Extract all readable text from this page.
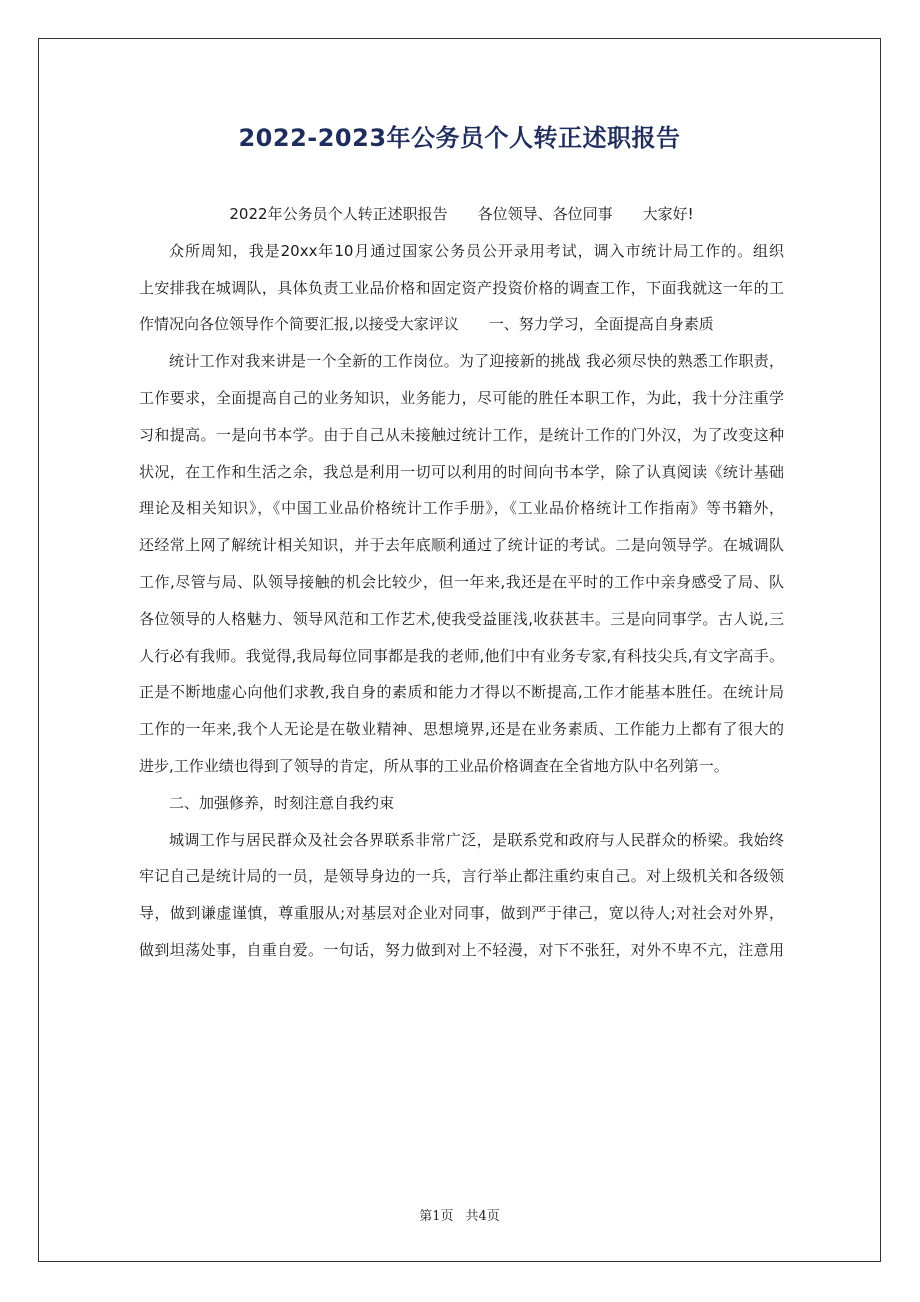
2022-2023年公务员个人转正述职报告
2022年公务员个人转正述职报告 各位领导、各位同事 大家好!
众所周知，我是20xx年10月通过国家公务员公开录用考试，调入市统计局工作的。组织
上安排我在城调队，具体负责工业品价格和固定资产投资价格的调查工作，下面我就这一年的工
作情况向各位领导作个简要汇报,以接受大家评议　　一、努力学习，全面提高自身素质
统计工作对我来讲是一个全新的工作岗位。为了迎接新的挑战 我必须尽快的熟悉工作职责，
工作要求，全面提高自己的业务知识，业务能力，尽可能的胜任本职工作，为此，我十分注重学
习和提高。一是向书本学。由于自己从未接触过统计工作，是统计工作的门外汉，为了改变这种
状况，在工作和生活之余，我总是利用一切可以利用的时间向书本学，除了认真阅读《统计基础
理论及相关知识》，《中国工业品价格统计工作手册》，《工业品价格统计工作指南》等书籍外，
还经常上网了解统计相关知识，并于去年底顺利通过了统计证的考试。二是向领导学。在城调队
工作,尽管与局、队领导接触的机会比较少，但一年来,我还是在平时的工作中亲身感受了局、队
各位领导的人格魅力、领导风范和工作艺术,使我受益匪浅,收获甚丰。三是向同事学。古人说,三
人行必有我师。我觉得,我局每位同事都是我的老师,他们中有业务专家,有科技尖兵,有文字高手。
正是不断地虚心向他们求教,我自身的素质和能力才得以不断提高,工作才能基本胜任。在统计局
工作的一年来,我个人无论是在敬业精神、思想境界,还是在业务素质、工作能力上都有了很大的
进步,工作业绩也得到了领导的肯定，所从事的工业品价格调查在全省地方队中名列第一。
二、加强修养，时刻注意自我约束
城调工作与居民群众及社会各界联系非常广泛，是联系党和政府与人民群众的桥梁。我始终
牢记自己是统计局的一员，是领导身边的一兵，言行举止都注重约束自己。对上级机关和各级领
导，做到谦虚谨慎，尊重服从;对基层对企业对同事，做到严于律己，宽以待人;对社会对外界，
做到坦荡处事，自重自爱。一句话，努力做到对上不轻漫，对下不张狂，对外不卑不亢，注意用
第1页 共4页
